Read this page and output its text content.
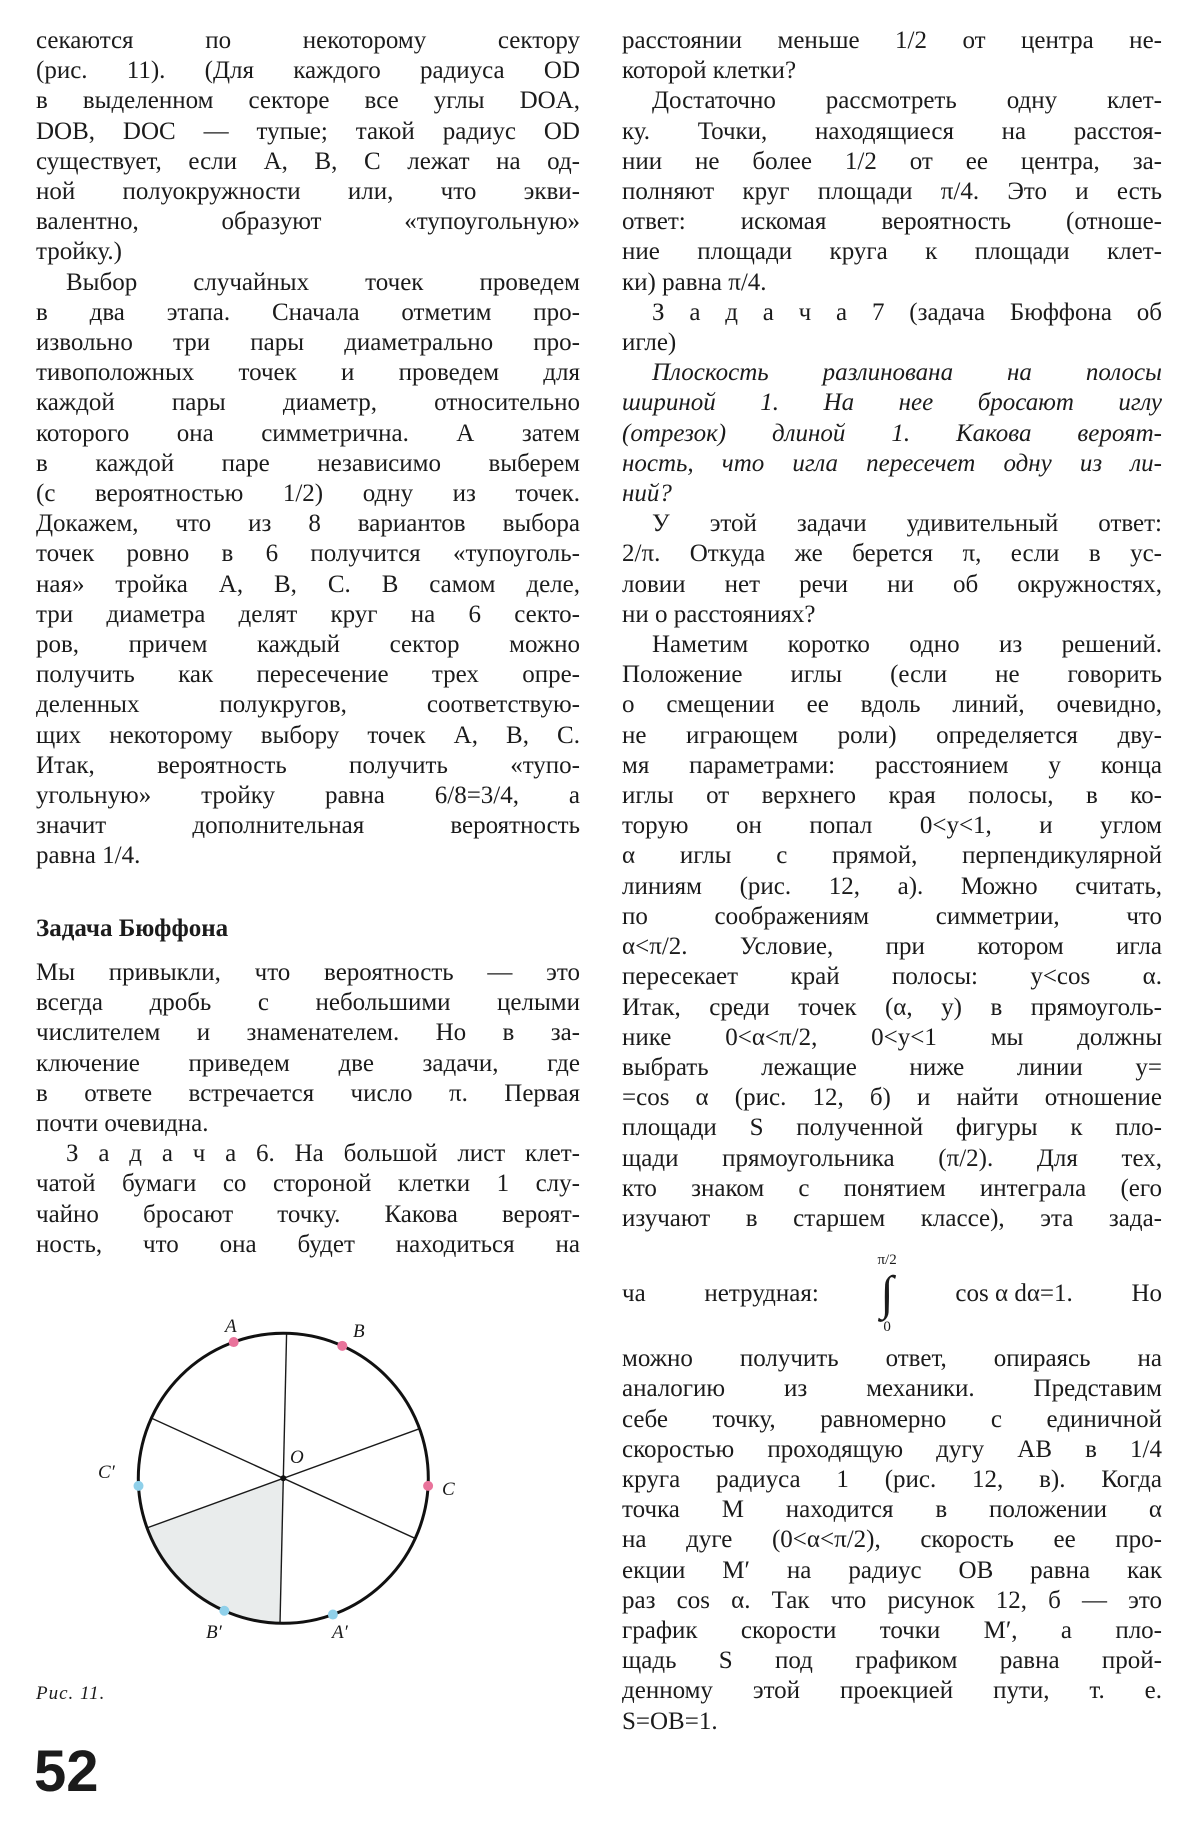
секаются по некоторому сектору
(рис. 11). (Для каждого радиуса OD
в выделенном секторе все углы DOA,
DOB, DOC — тупые; такой радиус OD
существует, если A, B, C лежат на од-
ной полуокружности или, что экви-
валентно, образуют «тупоугольную»
тройку.)
Выбор случайных точек проведем
в два этапа. Сначала отметим про-
извольно три пары диаметрально про-
тивоположных точек и проведем для
каждой пары диаметр, относительно
которого она симметрична. А затем
в каждой паре независимо выберем
(с вероятностью 1/2) одну из точек.
Докажем, что из 8 вариантов выбора
точек ровно в 6 получится «тупоуголь-
ная» тройка A, B, C. В самом деле,
три диаметра делят круг на 6 секто-
ров, причем каждый сектор можно
получить как пересечение трех опре-
деленных полукругов, соответствую-
щих некоторому выбору точек A, B, C.
Итак, вероятность получить «тупо-
угольную» тройку равна 6/8=3/4, а
значит дополнительная вероятность
равна 1/4.
Задача Бюффона
Мы привыкли, что вероятность — это
всегда дробь с небольшими целыми
числителем и знаменателем. Но в за-
ключение приведем две задачи, где
в ответе встречается число π. Первая
почти очевидна.
З а д а ч а 6. На большой лист клет-
чатой бумаги со стороной клетки 1 слу-
чайно бросают точку. Какова вероят-
ность, что она будет находиться на
расстоянии меньше 1/2 от центра не-
которой клетки?
Достаточно рассмотреть одну клет-
ку. Точки, находящиеся на расстоя-
нии не более 1/2 от ее центра, за-
полняют круг площади π/4. Это и есть
ответ: искомая вероятность (отноше-
ние площади круга к площади клет-
ки) равна π/4.
З а д а ч а 7 (задача Бюффона об
игле)
Плоскость разлинована на полосы
шириной 1. На нее бросают иглу
(отрезок) длиной 1. Какова вероят-
ность, что игла пересечет одну из ли-
ний?
У этой задачи удивительный ответ:
2/π. Откуда же берется π, если в ус-
ловии нет речи ни об окружностях,
ни о расстояниях?
Наметим коротко одно из решений.
Положение иглы (если не говорить
о смещении ее вдоль линий, очевидно,
не играющем роли) определяется дву-
мя параметрами: расстоянием y конца
иглы от верхнего края полосы, в ко-
торую он попал 0<y<1, и углом
α иглы с прямой, перпендикулярной
линиям (рис. 12, а). Можно считать,
по соображениям симметрии, что
α<π/2. Условие, при котором игла
пересекает край полосы: y<cos α.
Итак, среди точек (α, y) в прямоуголь-
нике 0<α<π/2, 0<y<1 мы должны
выбрать лежащие ниже линии y=
=cos α (рис. 12, б) и найти отношение
площади S полученной фигуры к пло-
щади прямоугольника (π/2). Для тех,
кто знаком с понятием интеграла (его
изучают в старшем классе), эта зада-
ча нетрудная:
π/2
∫
0
cos α dα=1. Но
можно получить ответ, опираясь на
аналогию из механики. Представим
себе точку, равномерно с единичной
скоростью проходящую дугу AB в 1/4
круга радиуса 1 (рис. 12, в). Когда
точка M находится в положении α
на дуге (0<α<π/2), скорость ее про-
екции M′ на радиус OB равна как
раз cos α. Так что рисунок 12, б — это
график скорости точки M′, а пло-
щадь S под графиком равна прой-
денному этой проекцией пути, т. е.
S=OB=1.
A	B
O
C
C′
B′	A′
Рис. 11.
52
